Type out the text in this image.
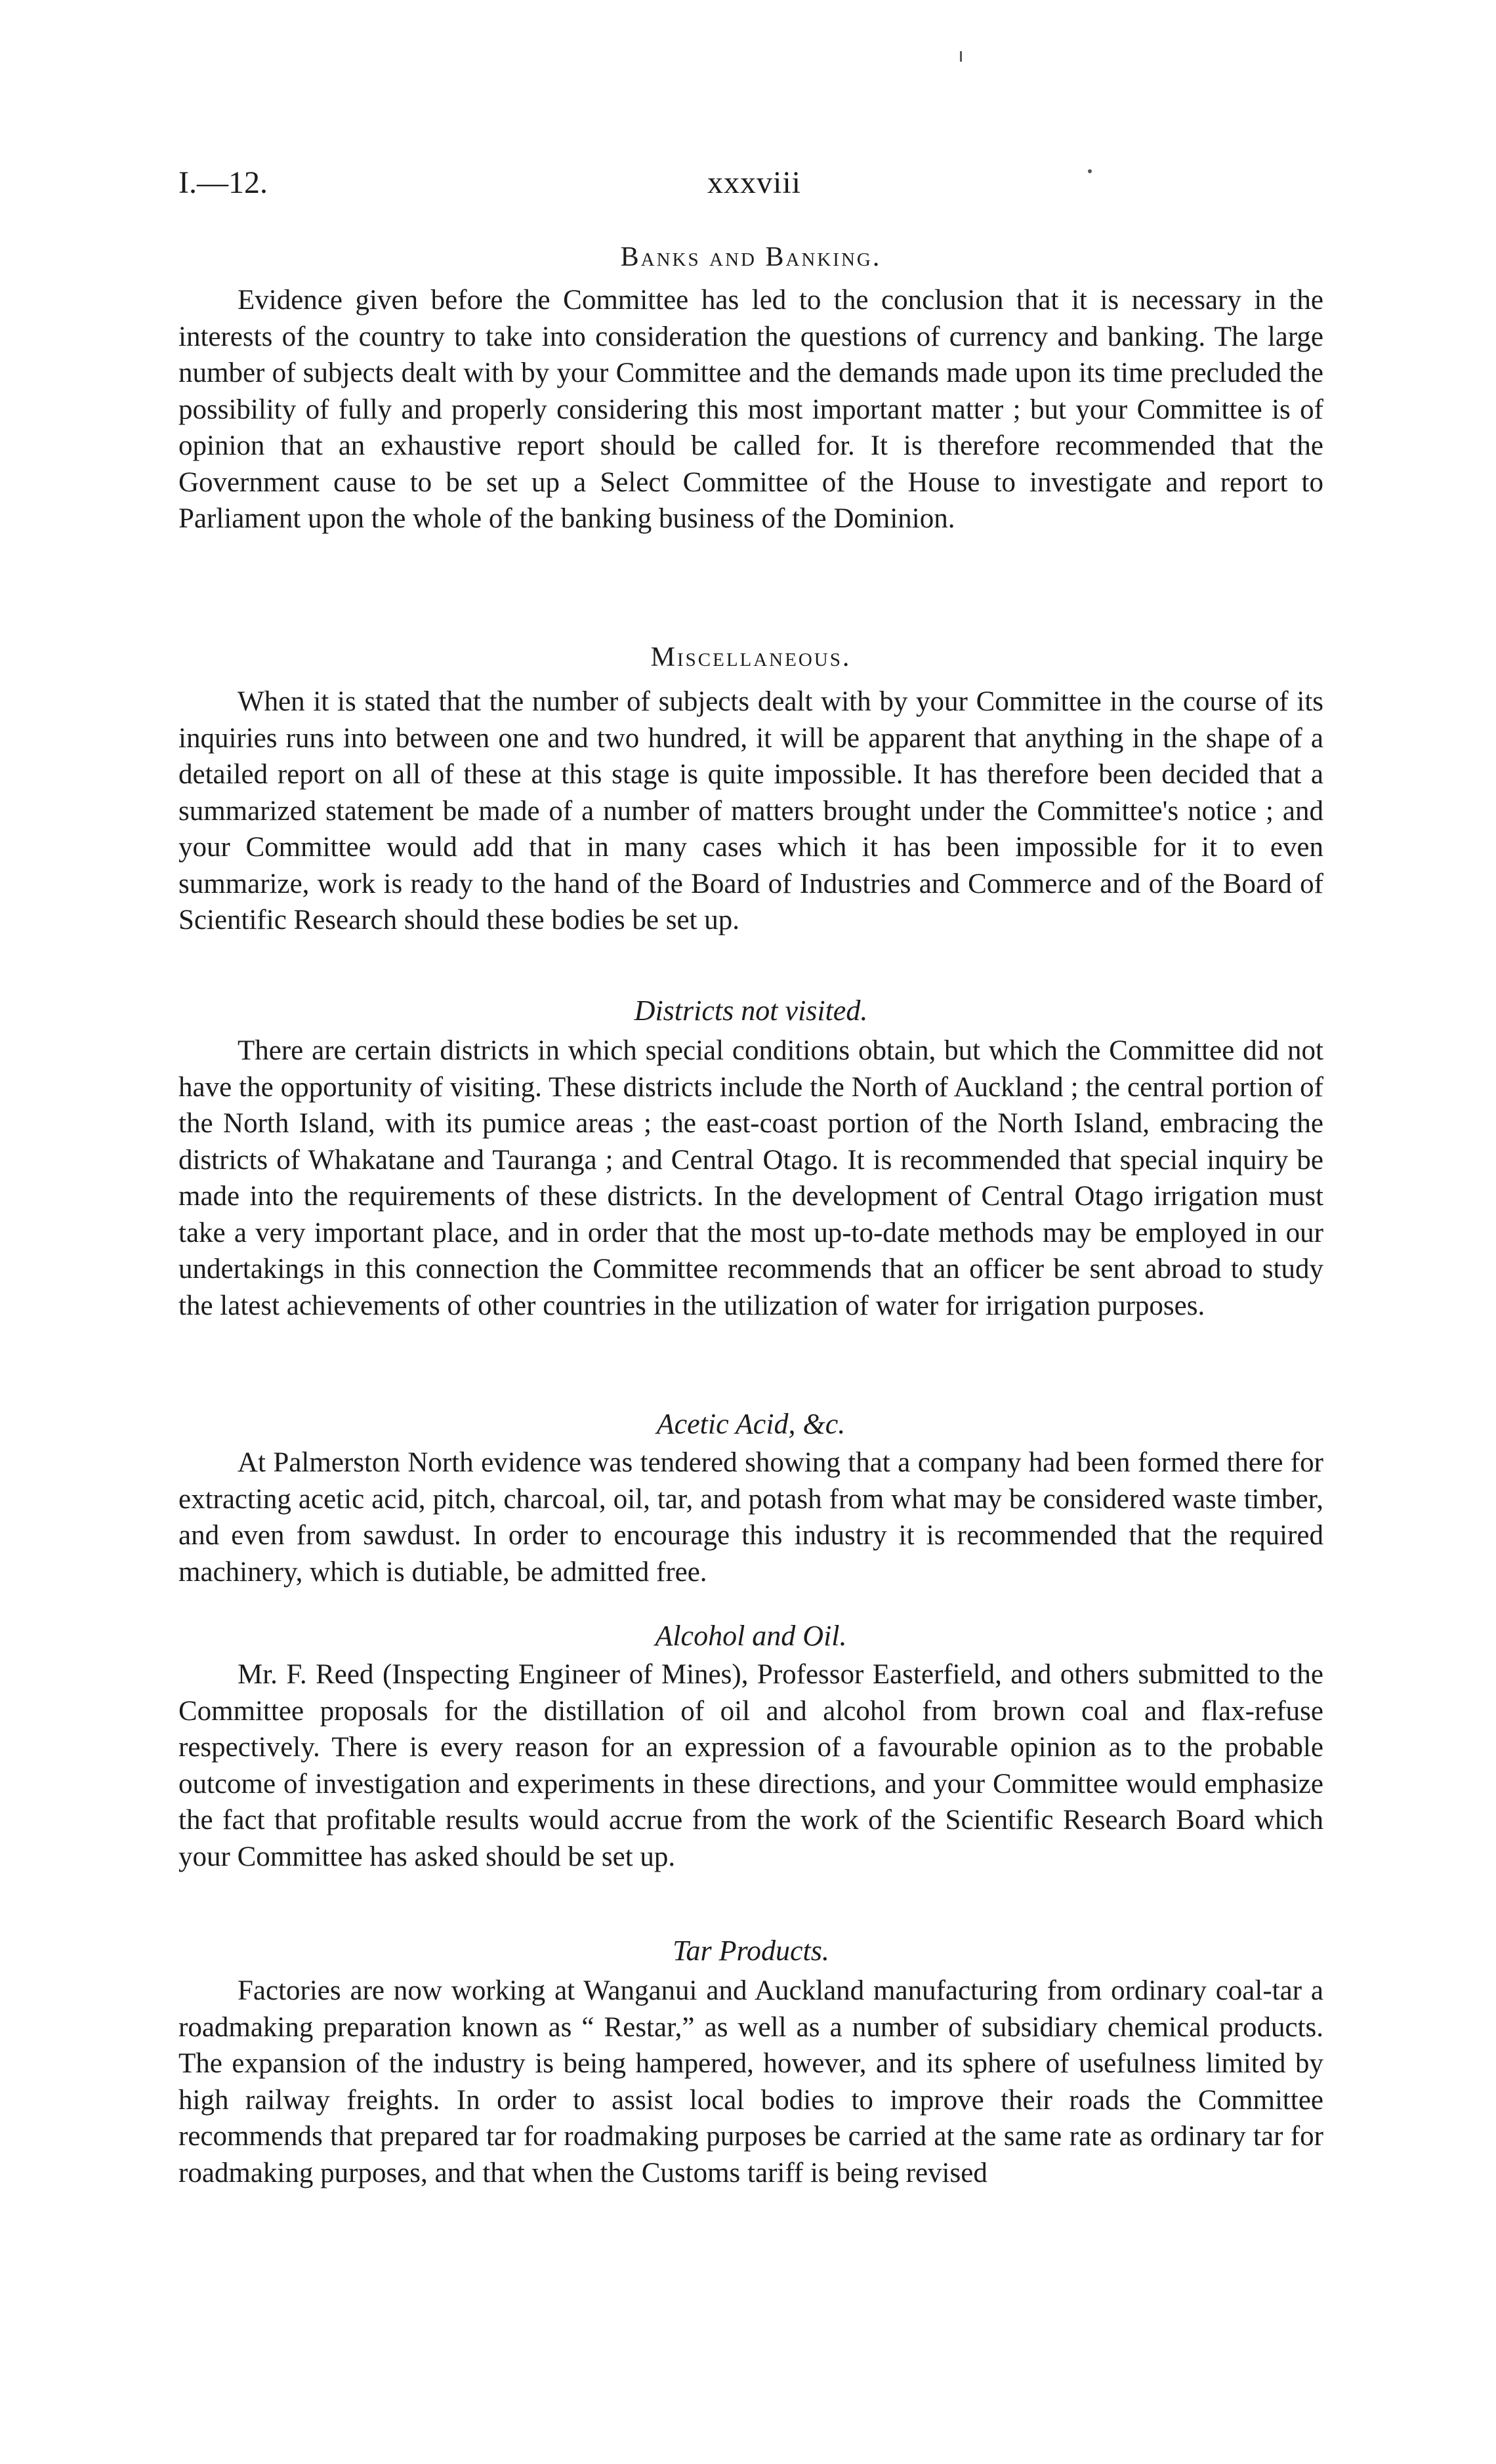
I.—12.	xxxviii
Banks and Banking.

Evidence given before the Committee has led to the conclusion that it is necessary in the interests of the country to take into consideration the questions of currency and banking. The large number of subjects dealt with by your Committee and the demands made upon its time precluded the possibility of fully and properly considering this most important matter ; but your Committee is of opinion that an exhaustive report should be called for. It is therefore recommended that the Government cause to be set up a Select Committee of the House to investigate and report to Parliament upon the whole of the banking business of the Dominion.

Miscellaneous.

When it is stated that the number of subjects dealt with by your Committee in the course of its inquiries runs into between one and two hundred, it will be apparent that anything in the shape of a detailed report on all of these at this stage is quite impossible. It has therefore been decided that a summarized statement be made of a number of matters brought under the Committee's notice ; and your Committee would add that in many cases which it has been impossible for it to even summarize, work is ready to the hand of the Board of Industries and Commerce and of the Board of Scientific Research should these bodies be set up.

Districts not visited.

There are certain districts in which special conditions obtain, but which the Committee did not have the opportunity of visiting. These districts include the North of Auckland ; the central portion of the North Island, with its pumice areas ; the east-coast portion of the North Island, embracing the districts of Whakatane and Tauranga ; and Central Otago. It is recommended that special inquiry be made into the requirements of these districts. In the development of Central Otago irrigation must take a very important place, and in order that the most up-to-date methods may be employed in our undertakings in this connection the Committee recommends that an officer be sent abroad to study the latest achievements of other countries in the utilization of water for irrigation purposes.

Acetic Acid, &c.

At Palmerston North evidence was tendered showing that a company had been formed there for extracting acetic acid, pitch, charcoal, oil, tar, and potash from what may be considered waste timber, and even from sawdust. In order to encourage this industry it is recommended that the required machinery, which is dutiable, be admitted free.

Alcohol and Oil.

Mr. F. Reed (Inspecting Engineer of Mines), Professor Easterfield, and others submitted to the Committee proposals for the distillation of oil and alcohol from brown coal and flax-refuse respectively. There is every reason for an expression of a favourable opinion as to the probable outcome of investigation and experiments in these directions, and your Committee would emphasize the fact that profitable results would accrue from the work of the Scientific Research Board which your Committee has asked should be set up.

Tar Products.

Factories are now working at Wanganui and Auckland manufacturing from ordinary coal-tar a roadmaking preparation known as “ Restar,” as well as a number of subsidiary chemical products. The expansion of the industry is being hampered, however, and its sphere of usefulness limited by high railway freights. In order to assist local bodies to improve their roads the Committee recommends that prepared tar for roadmaking purposes be carried at the same rate as ordinary tar for roadmaking purposes, and that when the Customs tariff is being revised
